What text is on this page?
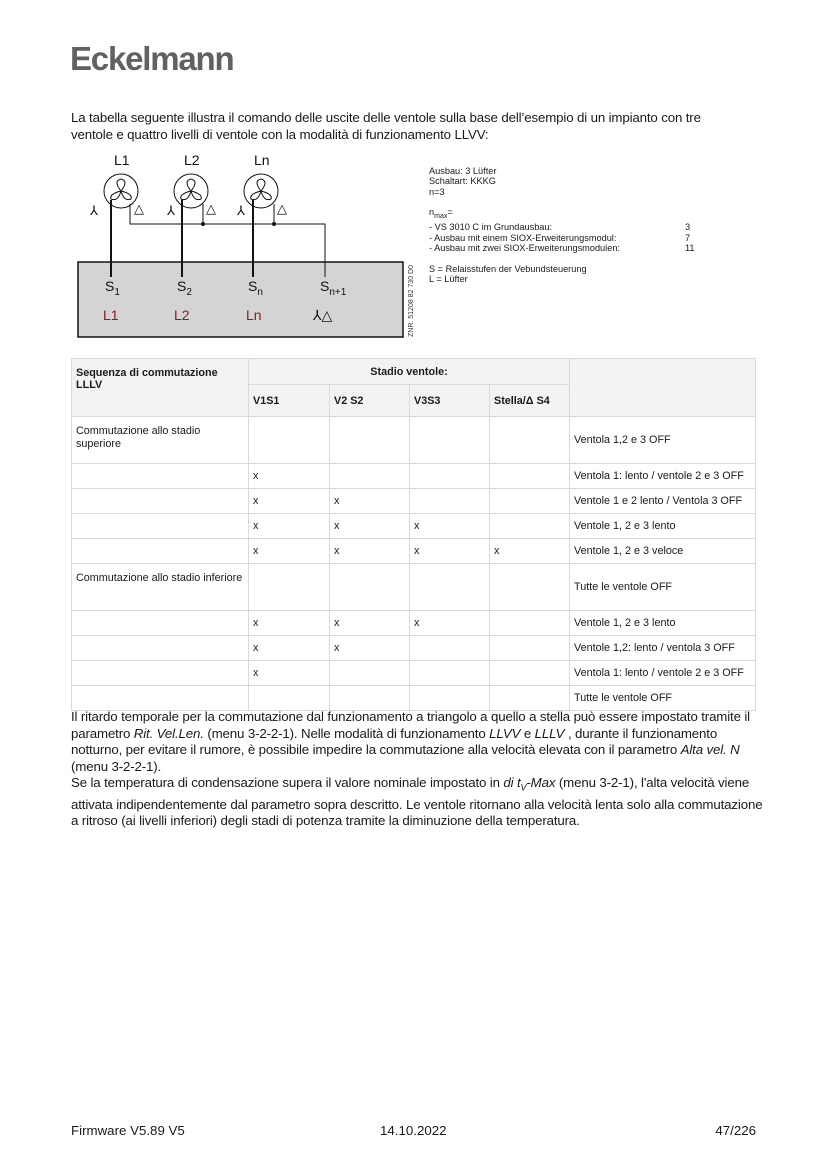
Eckelmann
La tabella seguente illustra il comando delle uscite delle ventole sulla base dell’esempio di un impianto con tre
ventole e quattro livelli di ventole con la modalità di funzionamento LLVV:
L1	L2	Ln
⅄	△ ⅄ △ ⅄ △
$S_1$	$S_2$	$S_n$	$S_{n+1}$
L1	L2	Ln	⅄△	ZNR. 51208 82 730 D0
Ausbau: 3 Lüfter
Schaltart: KKKG
n=3
$n_{max}=$
- VS 3010 C im Grundausbau:	3
- Ausbau mit einem SIOX-Erweiterungsmodul:	7
- Ausbau mit zwei SIOX-Erweiterungsmodulen:	11
S = Relaisstufen der Vebundsteuerung
L = Lüfter
Sequenza di commutazione LLLV	Stadio ventole:				
	V1S1	V2 S2	V3S3	Stella/Δ S4	
Commutazione allo stadio superiore					Ventola 1,2 e 3 OFF
	x				Ventola 1: lento / ventole 2 e 3 OFF
	x	x			Ventole 1 e 2 lento / Ventola 3 OFF
	x	x	x		Ventole 1, 2 e 3 lento
	x	x	x	x	Ventole 1, 2 e 3 veloce
Commutazione allo stadio inferiore					Tutte le ventole OFF
	x	x	x		Ventole 1, 2 e 3 lento
	x	x			Ventole 1,2: lento / ventola 3 OFF
	x				Ventola 1: lento / ventole 2 e 3 OFF
					Tutte le ventole OFF

Il ritardo temporale per la commutazione dal funzionamento a triangolo a quello a stella può essere impostato tramite il parametro Rit. Vel.Len. (menu 3-2-2-1). Nelle modalità di funzionamento LLVV e LLLV , durante il funzionamento notturno, per evitare il rumore, è possibile impedire la commutazione alla velocità elevata con il parametro Alta vel. N (menu 3-2-2-1).

Se la temperatura di condensazione supera il valore nominale impostato in di $t_V$-Max (menu 3-2-1), l'alta velocità viene attivata indipendentemente dal parametro sopra descritto. Le ventole ritornano alla velocità lenta solo alla commutazione a ritroso (ai livelli inferiori) degli stadi di potenza tramite la diminuzione della temperatura.

Firmware V5.89 V5	14.10.2022	47/226
